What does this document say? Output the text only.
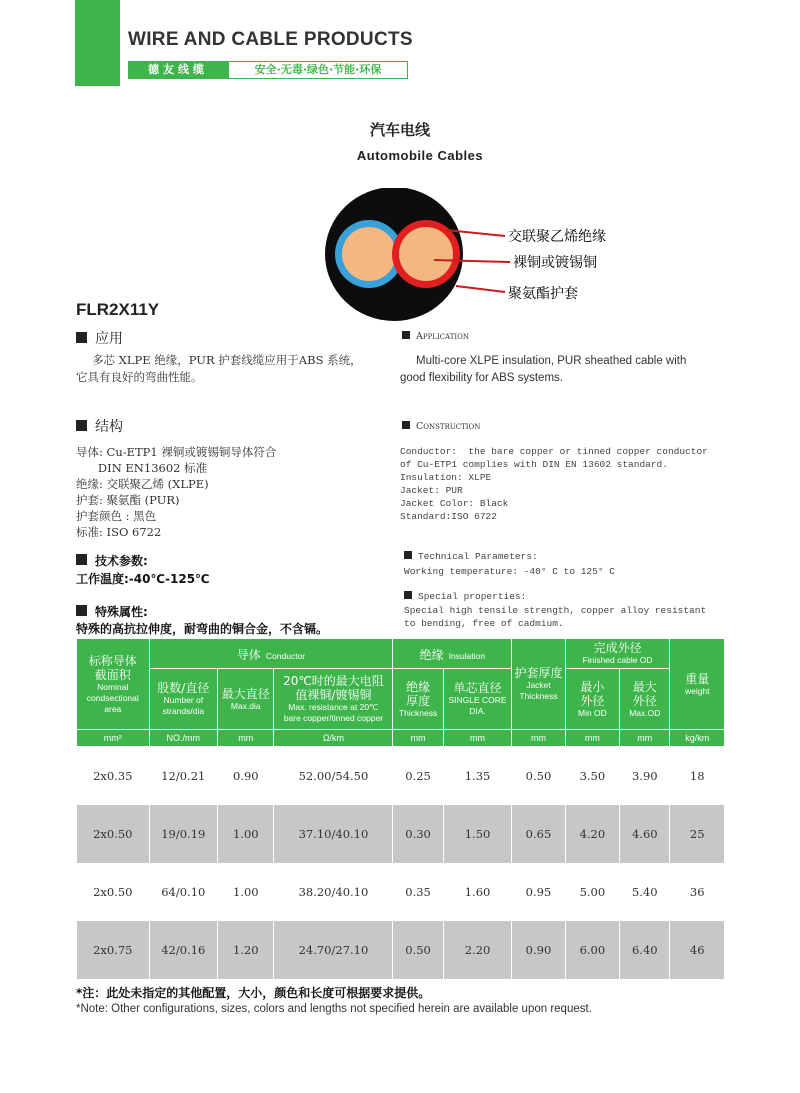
WIRE AND CABLE PRODUCTS
德友线缆	安全·无毒·绿色·节能·环保
汽车电线
Automobile Cables
交联聚乙烯绝缘
裸铜或镀锡铜
聚氨酯护套
FLR2X11Y
应用	Application
多芯 XLPE 绝缘，PUR 护套线缆应用于ABS 系统，
它具有良好的弯曲性能。
Multi-core XLPE insulation, PUR sheathed cable with
good flexibility for ABS systems.
结构	Construction
导体: Cu-ETP1 裸铜或镀锡铜导体符合
DIN EN13602 标准
绝缘: 交联聚乙烯 (XLPE)
护套: 聚氨酯 (PUR)
护套颜色 : 黑色
标准: ISO 6722
Conductor:  the bare copper or tinned copper conductor
of Cu-ETP1 complies with DIN EN 13602 standard.
Insulation: XLPE
Jacket: PUR
Jacket Color: Black
Standard:ISO 6722
技术参数:
工作温度:-40℃-125℃
Technical Parameters:
Working temperature: -40° C to 125° C
特殊属性:
特殊的高抗拉伸度，耐弯曲的铜合金，不含镉。
Special properties:
Special high tensile strength, copper alloy resistant
to bending, free of cadmium.
标称导体
截面积
Nominal
condsectional
area	导体 Conductor			绝缘 Insulation		护套厚度
Jacket
Thickness	完成外径
Finished cable OD		重量
weight

	股数/直径
Number of
strands/dia	最大直径
Max.dia	20℃时的最大电阻
值裸铜/镀锡铜
Max. resistance at 20℃
bare copper/tinned copper	绝缘
厚度
Thickness	单芯直径
SINGLE CORE
DIA.		最小
外径
Min OD	最大
外径
Max.OD	

mm²	NO./mm	mm	Ω/km	mm	mm	mm	mm	mm	kg/km
2x0.35	12/0.21	0.90	52.00/54.50	0.25	1.35	0.50	3.50	3.90	18
2x0.50	19/0.19	1.00	37.10/40.10	0.30	1.50	0.65	4.20	4.60	25
2x0.50	64/0.10	1.00	38.20/40.10	0.35	1.60	0.95	5.00	5.40	36
2x0.75	42/0.16	1.20	24.70/27.10	0.50	2.20	0.90	6.00	6.40	46
*注：此处未指定的其他配置，大小，颜色和长度可根据要求提供。
*Note: Other configurations, sizes, colors and lengths not specified herein are available upon request.
